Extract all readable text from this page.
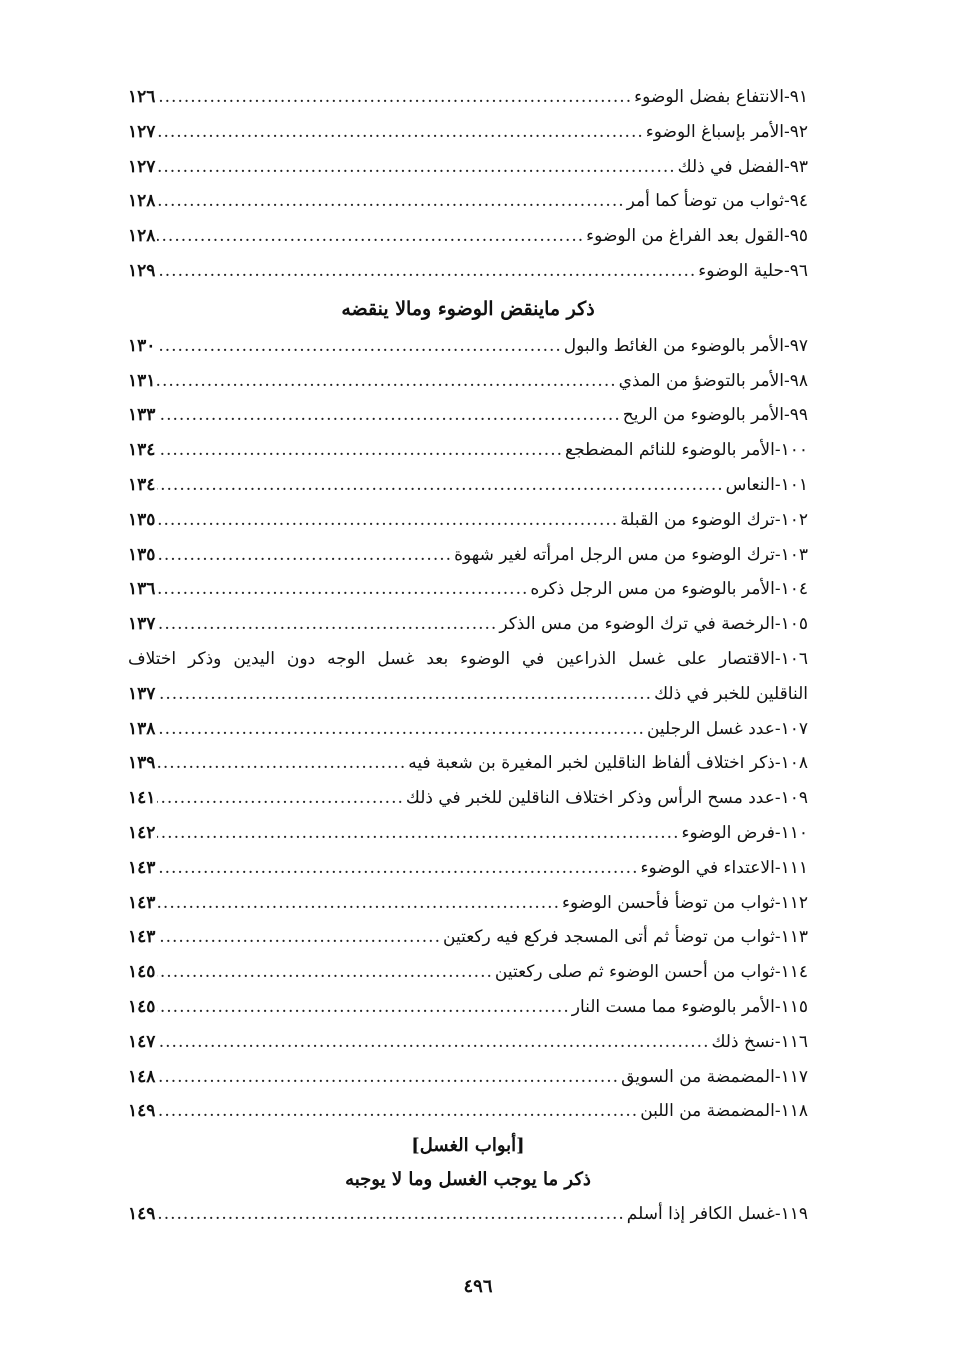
٩١-
الانتفاع بفضل الوضوء
.....
١٢٦
٩٢-
الأمر بإسباغ الوضوء
.....
١٢٧
٩٣-
الفضل في ذلك
.....
١٢٧
٩٤-
ثواب من توضأ كما أمر
.....
١٢٨
٩٥-
القول بعد الفراغ من الوضوء
.....
١٢٨
٩٦-
حلية الوضوء
.....
١٢٩
ذكر ماينقض الوضوء ومالا ينقضه
٩٧-
الأمر بالوضوء من الغائط والبول
.....
١٣٠
٩٨-
الأمر بالتوضؤ من المذي
.....
١٣١
٩٩-
الأمر بالوضوء من الريح
.....
١٣٣
١٠٠-
الأمر بالوضوء للنائم المضطجع
.....
١٣٤
١٠١-
النعاس
.....
١٣٤
١٠٢-
ترك الوضوء من القبلة
.....
١٣٥
١٠٣-
ترك الوضوء من مس الرجل امرأته لغير شهوة
.....
١٣٥
١٠٤-
الأمر بالوضوء من مس الرجل ذكره
.....
١٣٦
١٠٥-
الرخصة في ترك الوضوء من مس الذكر
.....
١٣٧
١٠٦-
الاقتصار على غسل الذراعين في الوضوء بعد غسل الوجه دون اليدين وذكر اختلاف
الناقلين للخبر في ذلك
.....
١٣٧
١٠٧-
عدد غسل الرجلين
.....
١٣٨
١٠٨-
ذكر اختلاف ألفاظ الناقلين لخبر المغيرة بن شعبة فيه
.....
١٣٩
١٠٩-
عدد مسح الرأس وذكر اختلاف الناقلين للخبر في ذلك
.....
١٤١
١١٠-
فرض الوضوء
.....
١٤٢
١١١-
الاعتداء في الوضوء
.....
١٤٣
١١٢-
ثواب من توضأ فأحسن الوضوء
.....
١٤٣
١١٣-
ثواب من توضأ ثم أتى المسجد فركع فيه ركعتين
.....
١٤٣
١١٤-
ثواب من أحسن الوضوء ثم صلى ركعتين
.....
١٤٥
١١٥-
الأمر بالوضوء مما مست النار
.....
١٤٥
١١٦-
نسخ ذلك
.....
١٤٧
١١٧-
المضمضة من السويق
.....
١٤٨
١١٨-
المضمضة من اللبن
.....
١٤٩
[أبواب الغسل]
ذكر ما يوجب الغسل وما لا يوجبه
١١٩-
غسل الكافر إذا أسلم
.....
١٤٩
٤٩٦
